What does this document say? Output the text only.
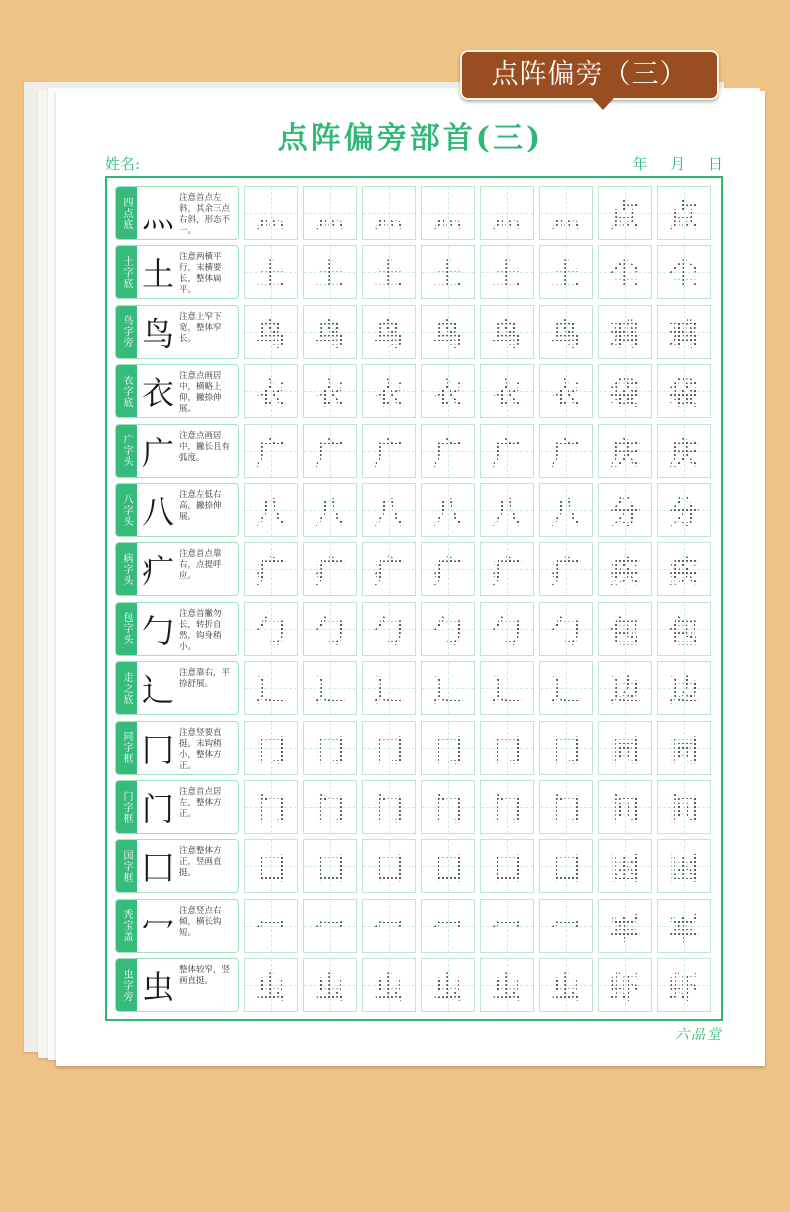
点阵偏旁部首(三)
姓名:	年 月 日
四点底 灬 注意首点左斜，其余三点右斜，形态不一。	灬 灬 灬 灬 灬 灬 点 点
土字底 土 注意两横平行，末横要长，整体扁平。	土 土 土 土 土 土 尘 尘
鸟字旁 鸟 注意上窄下宽，整体窄长。	鸟 鸟 鸟 鸟 鸟 鸟 鸦 鸦
衣字底 衣 注意点画居中，横略上仰，撇捺伸展。	衣 衣 衣 衣 衣 衣 袋 袋
广字头 广 注意点画居中，撇长且有弧度。	广 广 广 广 广 广 庆 庆
八字头 八 注意左低右高，撇捺伸展。	八 八 八 八 八 八 分 分
病字头 疒 注意首点靠右，点提呼应。	疒 疒 疒 疒 疒 疒 疾 疾
包字头 勹 注意首撇勿长，转折自然，钩身稍小。	勹 勹 勹 勹 勹 勹 包 包
走之底 辶 注意靠右，平捺舒展。	辶 辶 辶 辶 辶 辶 边 边
同字框 冂 注意竖要直挺，末钩稍小，整体方正。	冂 冂 冂 冂 冂 冂 同 同
门字框 门 注意首点居左，整体方正。	门 门 门 门 门 门 问 问
国字框 囗 注意整体方正，竖画直挺。	囗 囗 囗 囗 囗 囗 困 困
秃宝盖 冖 注意竖点右倾，横长钩短。	冖 冖 冖 冖 冖 冖 军 军
虫字旁 虫 整体较窄，竖画直挺。	虫 虫 虫 虫 虫 虫 虾 虾
六品堂
点阵偏旁（三）
